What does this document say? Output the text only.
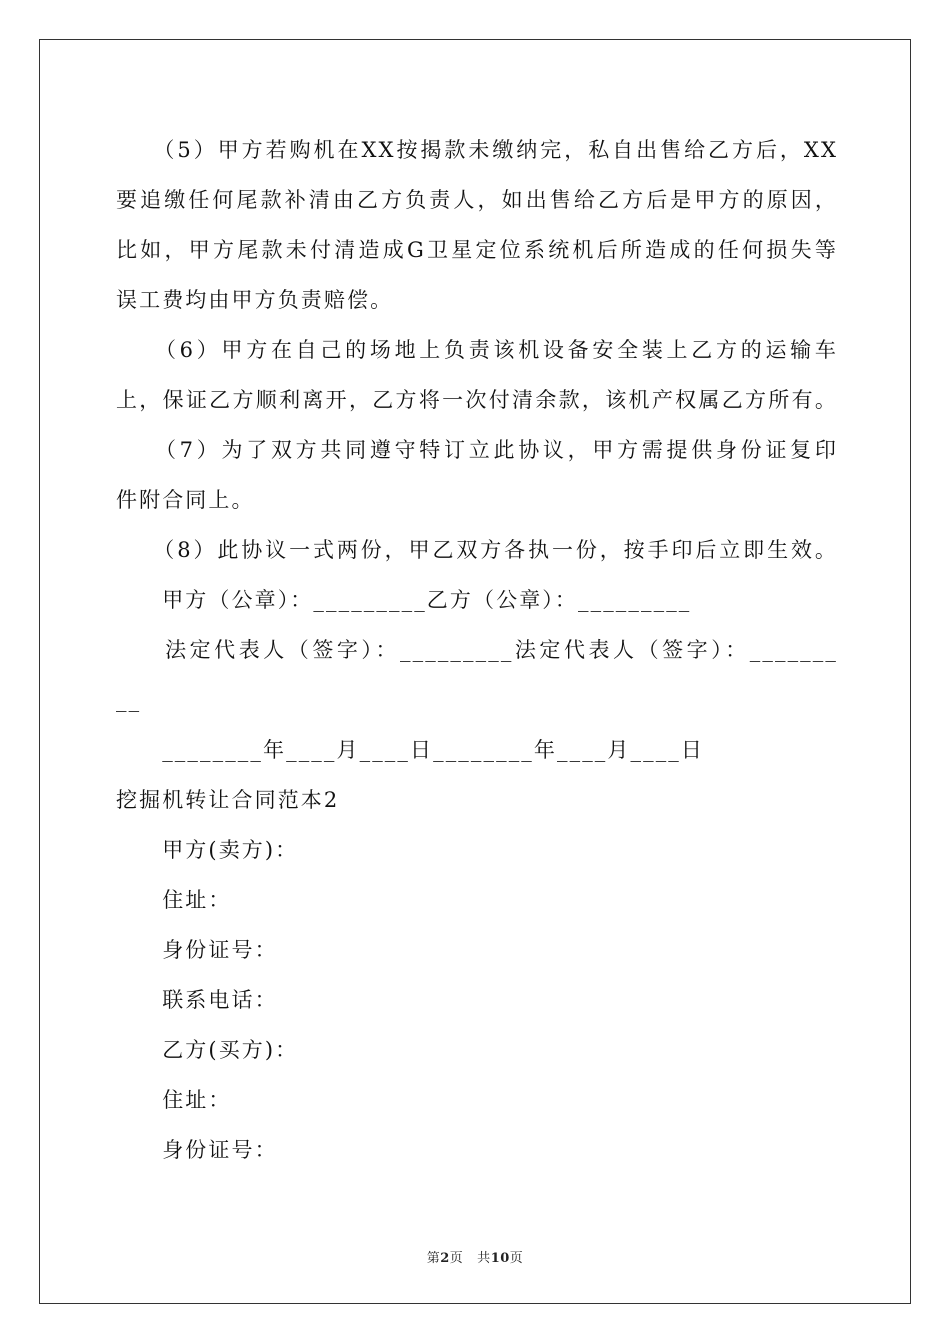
　　（5）甲方若购机在XX按揭款未缴纳完，私自出售给乙方后，XX
要追缴任何尾款补清由乙方负责人，如出售给乙方后是甲方的原因，
比如，甲方尾款未付清造成G卫星定位系统机后所造成的任何损失等
误工费均由甲方负责赔偿。
　　（6）甲方在自己的场地上负责该机设备安全装上乙方的运输车
上，保证乙方顺利离开，乙方将一次付清余款，该机产权属乙方所有。
　　（7）为了双方共同遵守特订立此协议，甲方需提供身份证复印
件附合同上。
　　（8）此协议一式两份，甲乙双方各执一份，按手印后立即生效。
　　甲方（公章）：_________乙方（公章）：_________
　　法定代表人（签字）：_________法定代表人（签字）：_______
__
　　________年____月____日________年____月____日
挖掘机转让合同范本2
　　甲方(卖方)：
　　住址：
　　身份证号：
　　联系电话：
　　乙方(买方)：
　　住址：
　　身份证号：
第2页 共10页
